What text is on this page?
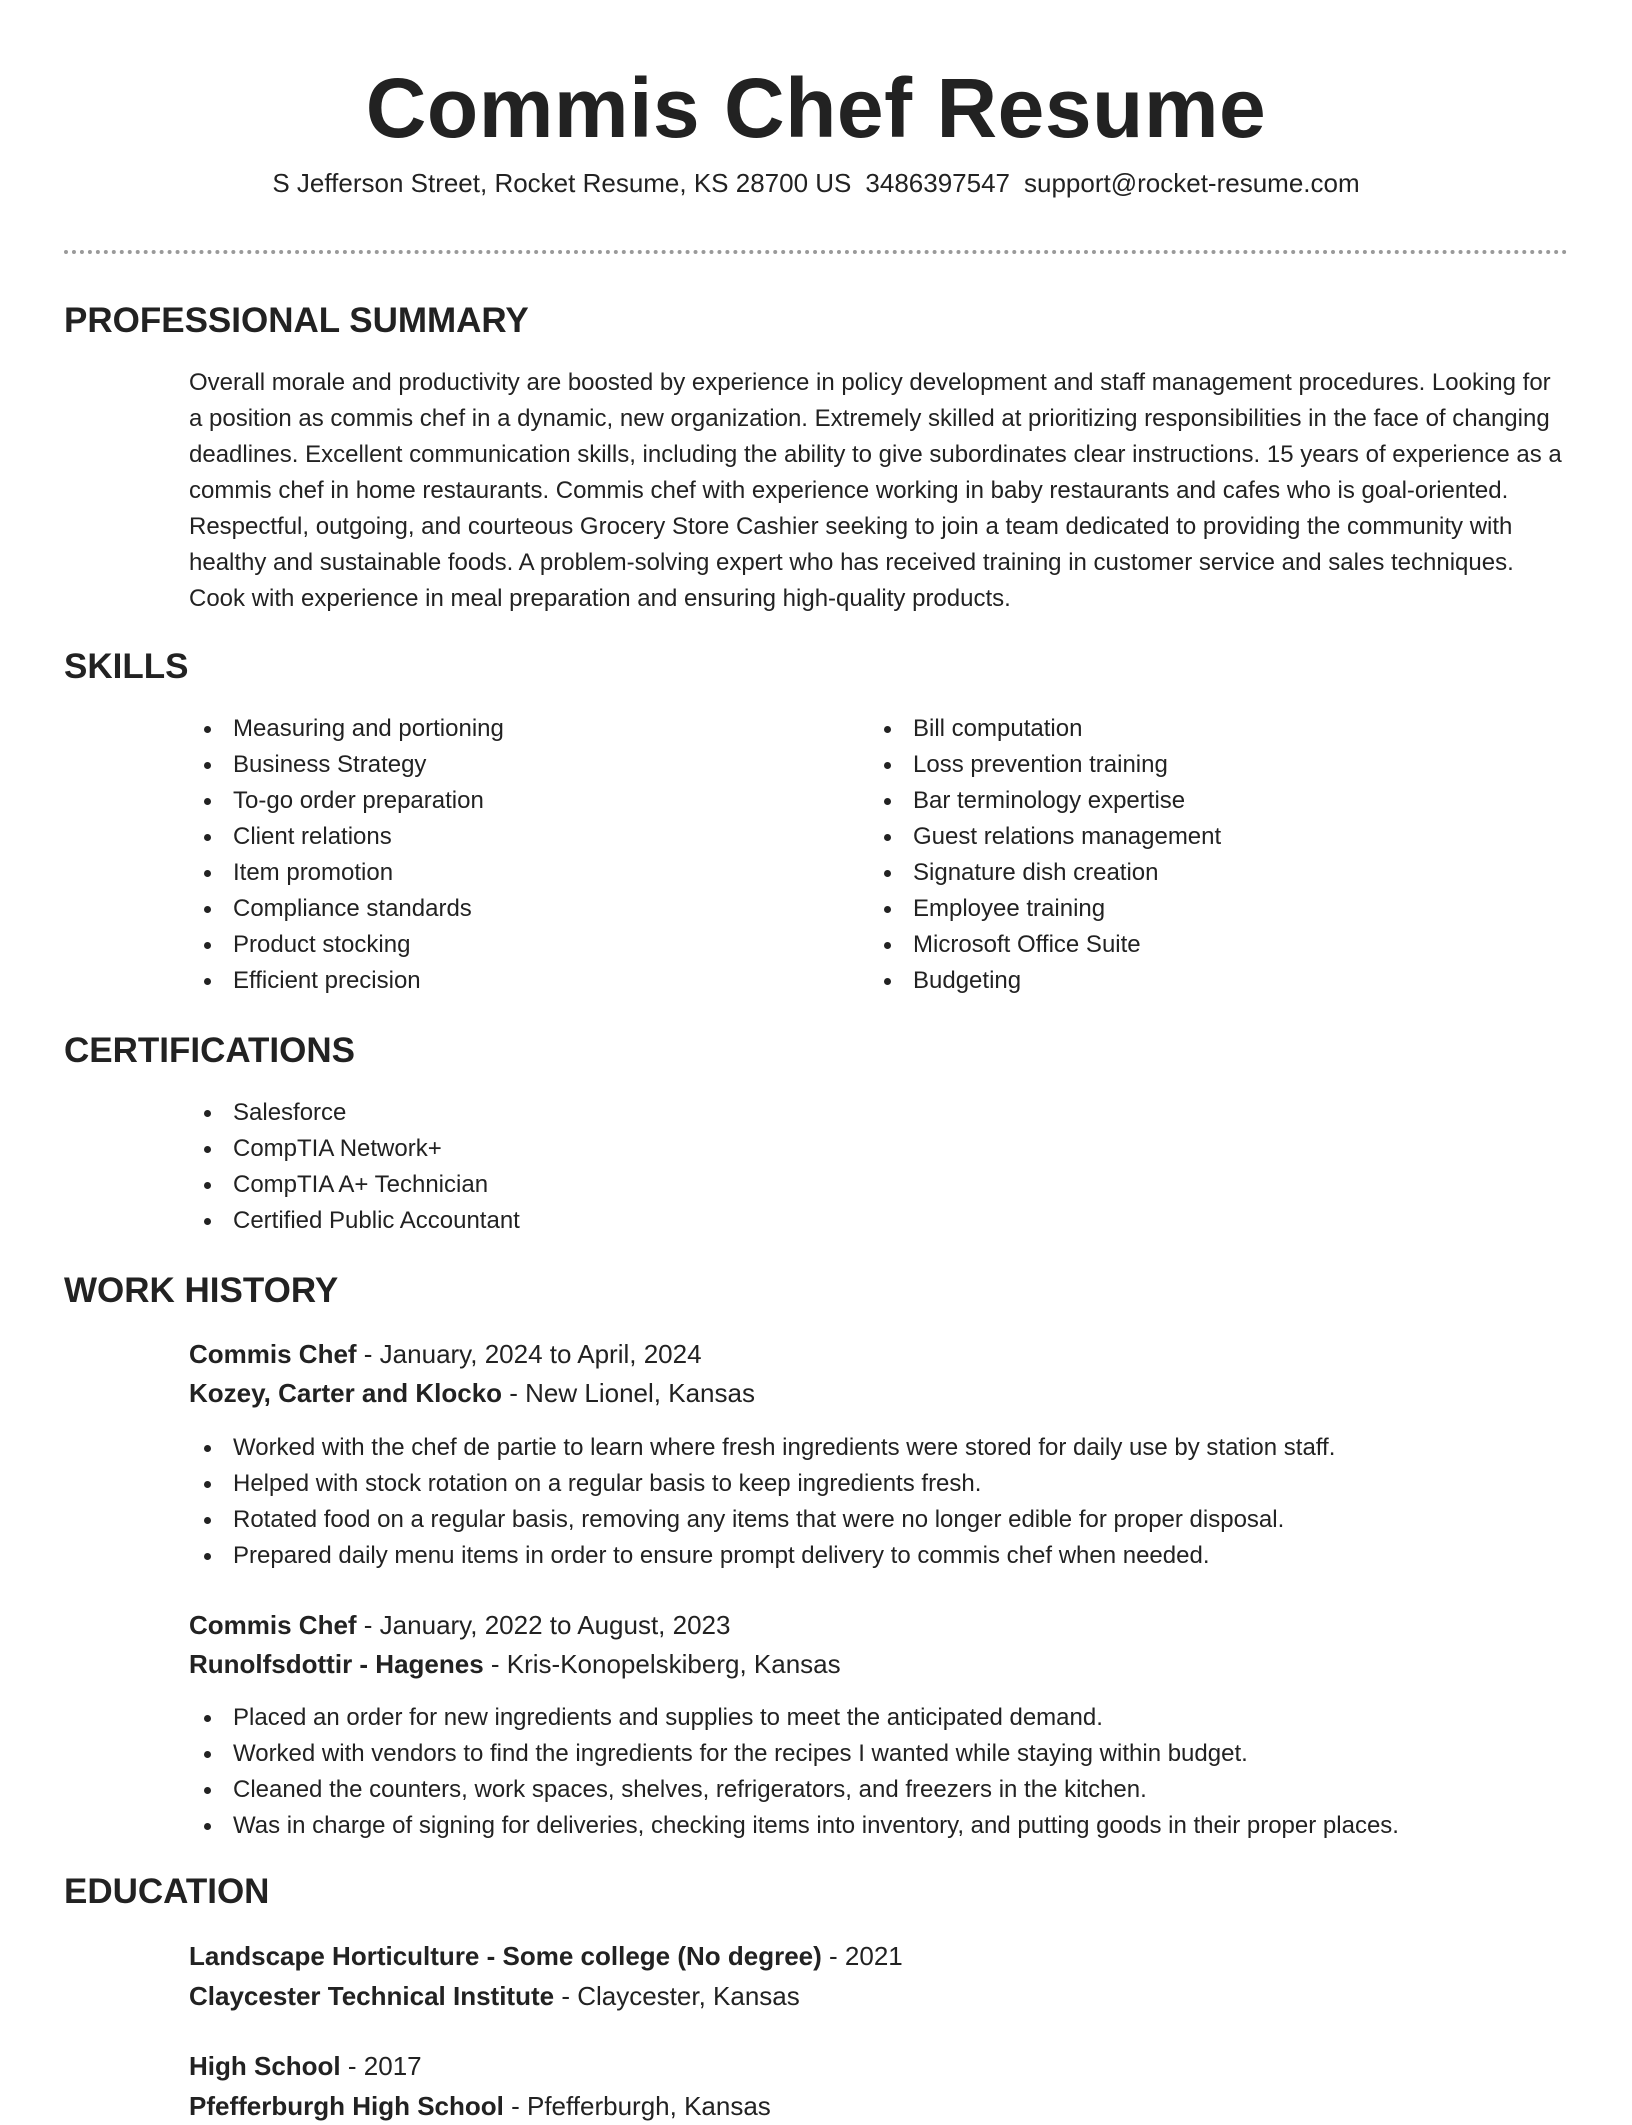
Commis Chef Resume

S Jefferson Street, Rocket Resume, KS 28700 US 3486397547 support@rocket-resume.com

PROFESSIONAL SUMMARY

Overall morale and productivity are boosted by experience in policy development and staff management procedures. Looking for a position as commis chef in a dynamic, new organization. Extremely skilled at prioritizing responsibilities in the face of changing deadlines. Excellent communication skills, including the ability to give subordinates clear instructions. 15 years of experience as a commis chef in home restaurants. Commis chef with experience working in baby restaurants and cafes who is goal-oriented. Respectful, outgoing, and courteous Grocery Store Cashier seeking to join a team dedicated to providing the community with healthy and sustainable foods. A problem-solving expert who has received training in customer service and sales techniques. Cook with experience in meal preparation and ensuring high-quality products.

SKILLS
Measuring and portioning
Business Strategy
To-go order preparation
Client relations
Item promotion
Compliance standards
Product stocking
Efficient precision
Bill computation
Loss prevention training
Bar terminology expertise
Guest relations management
Signature dish creation
Employee training
Microsoft Office Suite
Budgeting
CERTIFICATIONS
Salesforce
CompTIA Network+
CompTIA A+ Technician
Certified Public Accountant
WORK HISTORY

Commis Chef - January, 2024 to April, 2024

Kozey, Carter and Klocko - New Lionel, Kansas

Worked with the chef de partie to learn where fresh ingredients were stored for daily use by station staff.
Helped with stock rotation on a regular basis to keep ingredients fresh.
Rotated food on a regular basis, removing any items that were no longer edible for proper disposal.
Prepared daily menu items in order to ensure prompt delivery to commis chef when needed.

Commis Chef - January, 2022 to August, 2023

Runolfsdottir - Hagenes - Kris-Konopelskiberg, Kansas

Placed an order for new ingredients and supplies to meet the anticipated demand.
Worked with vendors to find the ingredients for the recipes I wanted while staying within budget.
Cleaned the counters, work spaces, shelves, refrigerators, and freezers in the kitchen.
Was in charge of signing for deliveries, checking items into inventory, and putting goods in their proper places.
EDUCATION

Landscape Horticulture - Some college (No degree) - 2021

Claycester Technical Institute - Claycester, Kansas

High School - 2017

Pfefferburgh High School - Pfefferburgh, Kansas
